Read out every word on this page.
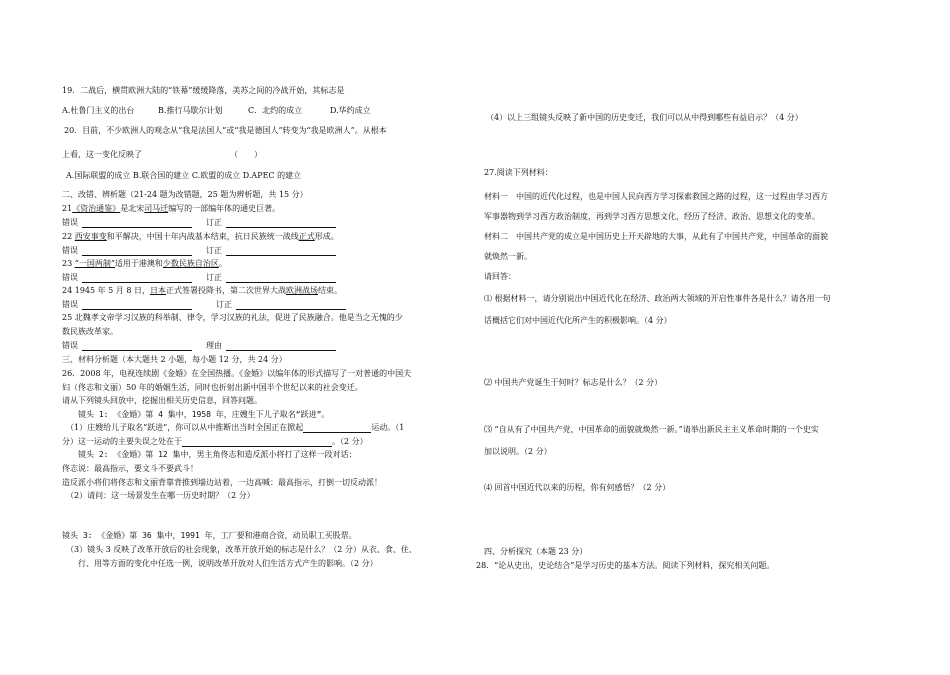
19．二战后，横贯欧洲大陆的“铁幕”缓缓降落，美苏之间的冷战开始，其标志是
A.杜鲁门主义的出台	B.推行马歇尔计划	C．北约的成立	D.华约成立
20．目前，不少欧洲人的观念从“我是法国人”或“我是德国人”转变为“我是欧洲人”。从根本
上看，这一变化反映了	（　　）
A.国际联盟的成立 B.联合国的建立 C.欧盟的成立 D.APEC 的建立
二、改错、辨析题（21-24 题为改错题，25 题为辨析题，共 15 分）
21《资治通鉴》是北宋司马迁编写的一部编年体的通史巨著。
错误	订正
22 西安事变和平解决，中国十年内战基本结束，抗日民族统一战线正式形成。
错误	订正
23 “一国两制”适用于港澳和少数民族自治区。
错误	订正
24 1945 年 5 月 8 日，日本正式签署投降书，第二次世界大战欧洲战场结束。
错误	订正
25 北魏孝文帝学习汉族的科举制、律令，学习汉族的礼法，促进了民族融合。他是当之无愧的少
数民族改革家。
错误	理由
三、材料分析题（本大题共 2 小题，每小题 12 分，共 24 分）
26．2008 年，电视连续剧《金婚》在全国热播。《金婚》以编年体的形式描写了一对普通的中国夫
妇（佟志和文丽）50 年的婚姻生活，同时也折射出新中国半个世纪以来的社会变迁。
请从下列镜头回放中，挖掘出相关历史信息，回答问题。
镜头 1: 《金婚》第 4 集中，1958 年，庄嫂生下儿子取名“跃进”。
（1）庄嫂给儿子取名“跃进”，你可以从中推断出当时全国正在掀起	运动。（1
分）这一运动的主要失误之处在于	。（2 分）
镜头 2: 《金婚》第 12 集中，男主角佟志和造反派小将打了这样一段对话：
佟志说：最高指示，要文斗不要武斗！
造反派小将们将佟志和文丽背靠背推到墙边站着，一边高喊：最高指示，打倒一切反动派！
（2）请问：这一场景发生在哪一历史时期？（2 分）
镜头 3: 《金婚》第 36 集中，1991 年，工厂要和港商合资，动员职工买股票。
（3）镜头 3 反映了改革开放后的社会现象，改革开放开始的标志是什么？（2 分）从衣、食、住、
行、用等方面的变化中任选一例，说明改革开放对人们生活方式产生的影响。（2 分）
（4）以上三组镜头反映了新中国的历史变迁，我们可以从中得到哪些有益启示？（4 分）
27.阅读下列材料：
材料一　中国的近代化过程，也是中国人民向西方学习探索救国之路的过程，这一过程由学习西方
军事器物到学习西方政治制度，再到学习西方思想文化，经历了经济、政治、思想文化的变革。
材料二　中国共产党的成立是中国历史上开天辟地的大事，从此有了中国共产党，中国革命的面貌
就焕然一新。
请回答：
⑴ 根据材料一，请分别说出中国近代化在经济、政治两大领域的开启性事件各是什么？请各用一句
话概括它们对中国近代化所产生的积极影响。（4 分）
⑵ 中国共产党诞生于何时？标志是什么？（2 分）
⑶ “自从有了中国共产党，中国革命的面貌就焕然一新。”请举出新民主主义革命时期的一个史实
加以说明。（2 分）
⑷ 回首中国近代以来的历程，你有何感悟？（2 分）
四、分析探究（本题 23 分）
28．“论从史出，史论结合”是学习历史的基本方法。阅读下列材料，探究相关问题。
